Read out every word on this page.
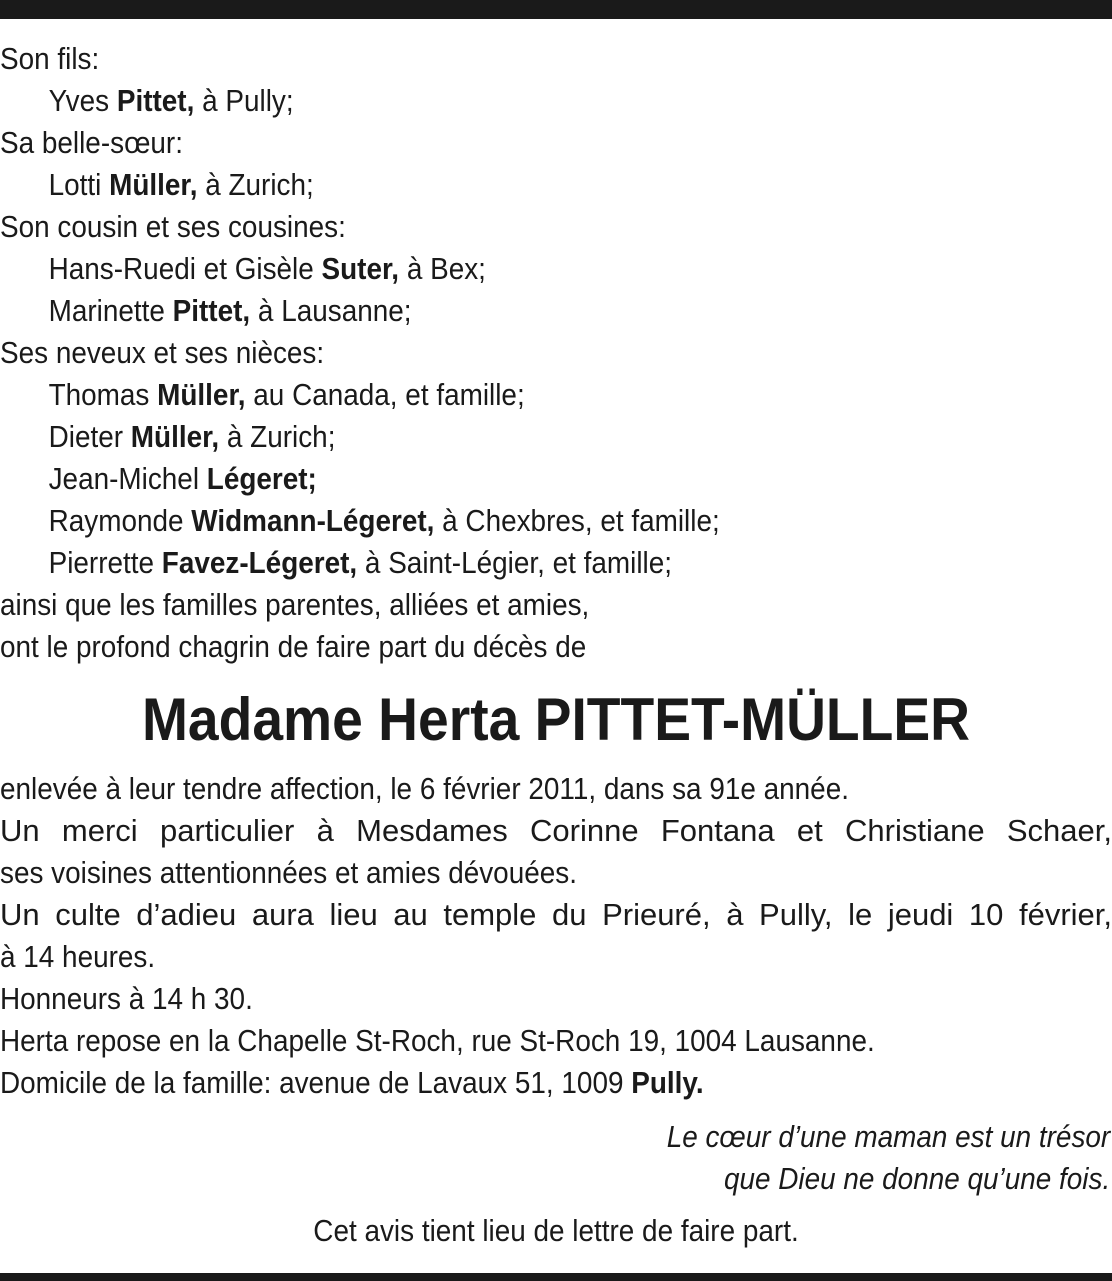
Son fils:
Yves Pittet, à Pully;
Sa belle-sœur:
Lotti Müller, à Zurich;
Son cousin et ses cousines:
Hans-Ruedi et Gisèle Suter, à Bex;
Marinette Pittet, à Lausanne;
Ses neveux et ses nièces:
Thomas Müller, au Canada, et famille;
Dieter Müller, à Zurich;
Jean-Michel Légeret;
Raymonde Widmann-Légeret, à Chexbres, et famille;
Pierrette Favez-Légeret, à Saint-Légier, et famille;
ainsi que les familles parentes, alliées et amies,
ont le profond chagrin de faire part du décès de
Madame Herta PITTET-MÜLLER
enlevée à leur tendre affection, le 6 février 2011, dans sa 91e année.
Un merci particulier à Mesdames Corinne Fontana et Christiane Schaer,
ses voisines attentionnées et amies dévouées.
Un culte d’adieu aura lieu au temple du Prieuré, à Pully, le jeudi 10 février,
à 14 heures.
Honneurs à 14 h 30.
Herta repose en la Chapelle St-Roch, rue St-Roch 19, 1004 Lausanne.
Domicile de la famille: avenue de Lavaux 51, 1009 Pully.
Le cœur d’une maman est un trésor
que Dieu ne donne qu’une fois.
Cet avis tient lieu de lettre de faire part.
